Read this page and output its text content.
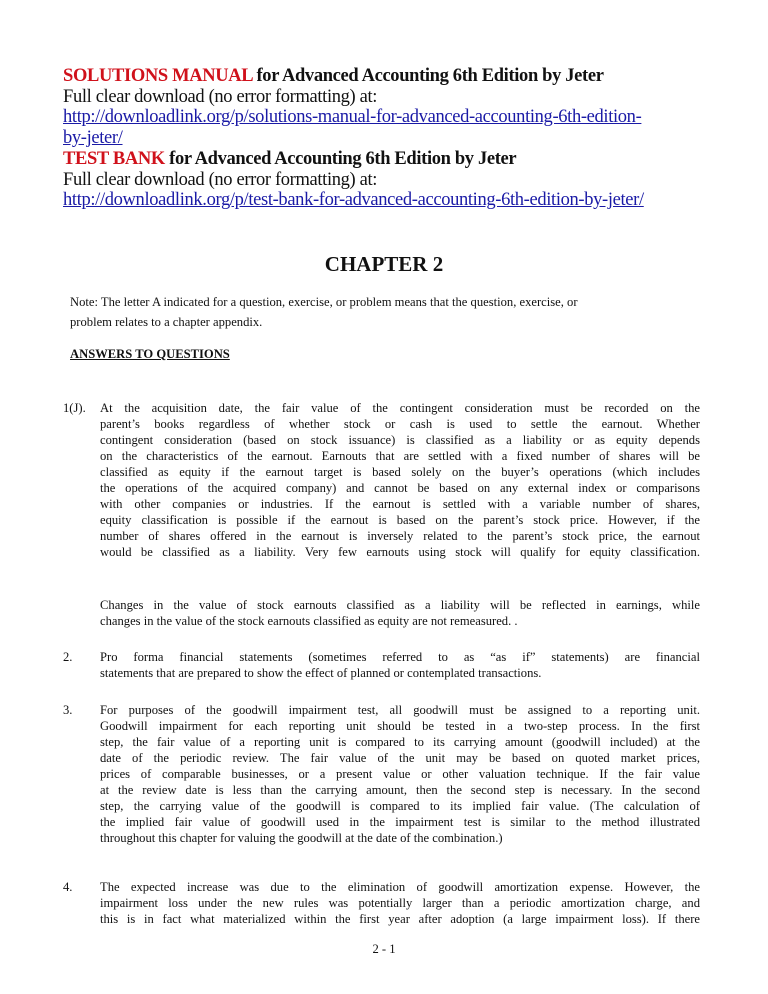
SOLUTIONS MANUAL for Advanced Accounting 6th Edition by Jeter
Full clear download (no error formatting) at:
http://downloadlink.org/p/solutions-manual-for-advanced-accounting-6th-edition-
by-jeter/
TEST BANK for Advanced Accounting 6th Edition by Jeter
Full clear download (no error formatting) at:
http://downloadlink.org/p/test-bank-for-advanced-accounting-6th-edition-by-jeter/
CHAPTER 2
Note: The letter A indicated for a question, exercise, or problem means that the question, exercise, or
problem relates to a chapter appendix.
ANSWERS TO QUESTIONS
1(J). At the acquisition date, the fair value of the contingent consideration must be recorded on the
parent’s books regardless of whether stock or cash is used to settle the earnout. Whether
contingent consideration (based on stock issuance) is classified as a liability or as equity depends
on the characteristics of the earnout. Earnouts that are settled with a fixed number of shares will be
classified as equity if the earnout target is based solely on the buyer’s operations (which includes
the operations of the acquired company) and cannot be based on any external index or comparisons
with other companies or industries. If the earnout is settled with a variable number of shares,
equity classification is possible if the earnout is based on the parent’s stock price. However, if the
number of shares offered in the earnout is inversely related to the parent’s stock price, the earnout
would be classified as a liability. Very few earnouts using stock will qualify for equity classification.
Changes in the value of stock earnouts classified as a liability will be reflected in earnings, while
changes in the value of the stock earnouts classified as equity are not remeasured. .
2. Pro forma financial statements (sometimes referred to as “as if” statements) are financial
statements that are prepared to show the effect of planned or contemplated transactions.
3. For purposes of the goodwill impairment test, all goodwill must be assigned to a reporting unit.
Goodwill impairment for each reporting unit should be tested in a two-step process. In the first
step, the fair value of a reporting unit is compared to its carrying amount (goodwill included) at the
date of the periodic review. The fair value of the unit may be based on quoted market prices,
prices of comparable businesses, or a present value or other valuation technique. If the fair value
at the review date is less than the carrying amount, then the second step is necessary. In the second
step, the carrying value of the goodwill is compared to its implied fair value. (The calculation of
the implied fair value of goodwill used in the impairment test is similar to the method illustrated
throughout this chapter for valuing the goodwill at the date of the combination.)
4. The expected increase was due to the elimination of goodwill amortization expense. However, the
impairment loss under the new rules was potentially larger than a periodic amortization charge, and
this is in fact what materialized within the first year after adoption (a large impairment loss). If there
2 - 1
